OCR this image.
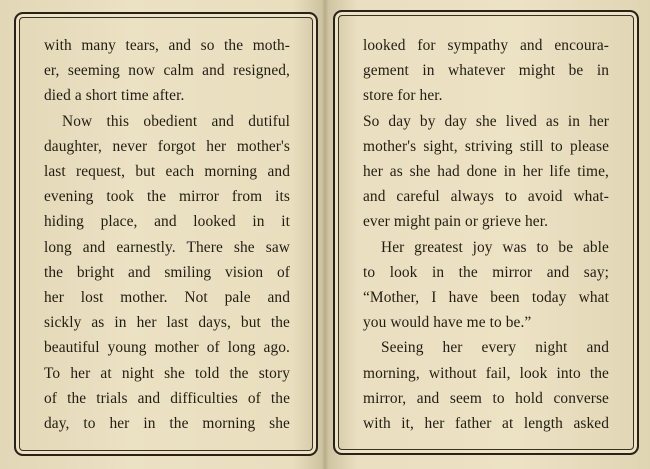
with many tears, and so the moth-
er, seeming now calm and resigned,
died a short time after.
Now this obedient and dutiful
daughter, never forgot her mother's
last request, but each morning and
evening took the mirror from its
hiding place, and looked in it
long and earnestly. There she saw
the bright and smiling vision of
her lost mother. Not pale and
sickly as in her last days, but the
beautiful young mother of long ago.
To her at night she told the story
of the trials and difficulties of the
day, to her in the morning she
looked for sympathy and encoura-
gement in whatever might be in
store for her.
So day by day she lived as in her
mother's sight, striving still to please
her as she had done in her life time,
and careful always to avoid what-
ever might pain or grieve her.
Her greatest joy was to be able
to look in the mirror and say;
“Mother, I have been today what
you would have me to be.”
Seeing her every night and
morning, without fail, look into the
mirror, and seem to hold converse
with it, her father at length asked
